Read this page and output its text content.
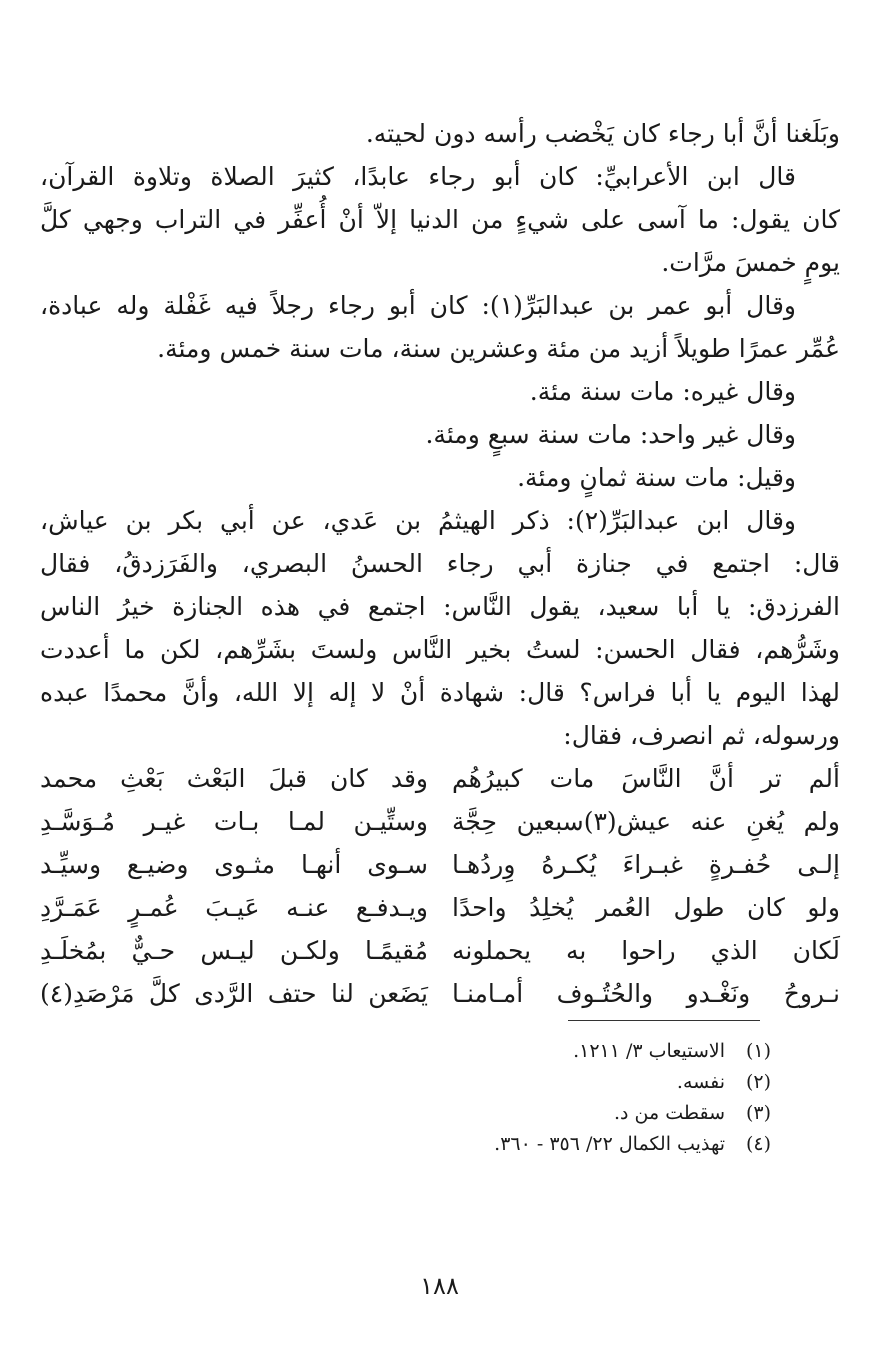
وبَلَغنا أنَّ أبا رجاء كان يَخْضب رأسه دون لحيته.
قال ابن الأعرابيِّ: كان أبو رجاء عابدًا، كثيرَ الصلاة وتلاوة القرآن،
كان يقول: ما آسى على شيءٍ من الدنيا إلاّ أنْ أُعفِّر في التراب وجهي كلَّ
يومٍ خمسَ مرَّات.
وقال أبو عمر بن عبدالبَرِّ(١): كان أبو رجاء رجلاً فيه غَفْلة وله عبادة،
عُمِّر عمرًا طويلاً أزيد من مئة وعشرين سنة، مات سنة خمس ومئة.
وقال غيره: مات سنة مئة.
وقال غير واحد: مات سنة سبعٍ ومئة.
وقيل: مات سنة ثمانٍ ومئة.
وقال ابن عبدالبَرِّ(٢): ذكر الهيثمُ بن عَدي، عن أبي بكر بن عياش،
قال: اجتمع في جنازة أبي رجاء الحسنُ البصري، والفَرَزدقُ، فقال
الفرزدق: يا أبا سعيد، يقول النَّاس: اجتمع في هذه الجنازة خيرُ الناس
وشَرُّهم، فقال الحسن: لستُ بخير النَّاس ولستَ بشَرِّهم، لكن ما أعددت
لهذا اليوم يا أبا فراس؟ قال: شهادة أنْ لا إله إلا الله، وأنَّ محمدًا عبده
ورسوله، ثم انصرف، فقال:
ألم تر أنَّ النَّاسَ مات كبيرُهُم
وقد كان قبلَ البَعْث بَعْثِ محمد
ولم يُغنِ عنه عيش(٣)سبعين حِجَّة
وستِّيـن لمـا بـات غيـر مُـوَسَّـدِ
إلـى حُفـرةٍ غبـراءَ يُكـرهُ وِردُهـا
سـوى أنهـا مثـوى وضيـع وسيِّـد
ولو كان طول العُمر يُخلِدُ واحدًا
ويـدفـع عنـه عَيـبَ عُمـرٍ عَمَـرَّدِ
لَكان الذي راحوا به يحملونه
مُقيمًـا ولكـن ليـس حـيٌّ بمُخلَـدِ
نـروحُ ونَغْـدو والحُتُـوف أمـامنـا
يَضَعن لنا حتف الرَّدى كلَّ مَرْصَدِ(٤)
(١)الاستيعاب ٣/ ١٢١١.
(٢)نفسه.
(٣)سقطت من د.
(٤)تهذيب الكمال ٢٢/ ٣٥٦ - ٣٦٠.
١٨٨
